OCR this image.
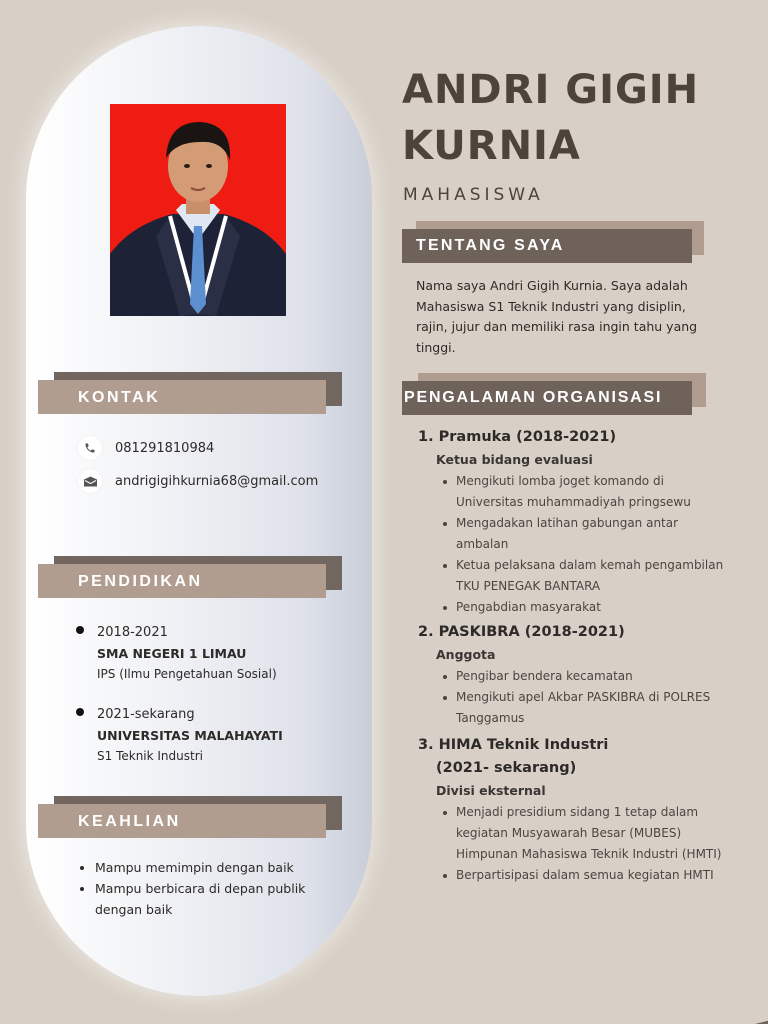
KONTAK
081291810984
andrigigihkurnia68@gmail.com
PENDIDIKAN
2018-2021
SMA NEGERI 1 LIMAU
IPS (Ilmu Pengetahuan Sosial)
2021-sekarang
UNIVERSITAS MALAHAYATI
S1 Teknik Industri
KEAHLIAN
Mampu memimpin dengan baik
Mampu berbicara di depan publik dengan baik
ANDRI GIGIH KURNIA
MAHASISWA
TENTANG SAYA
Nama saya Andri Gigih Kurnia. Saya adalah Mahasiswa S1 Teknik Industri yang disiplin, rajin, jujur dan memiliki rasa ingin tahu yang tinggi.
PENGALAMAN ORGANISASI
1. Pramuka (2018-2021)
Ketua bidang evaluasi
Mengikuti lomba joget komando di Universitas muhammadiyah pringsewu
Mengadakan latihan gabungan antar ambalan
Ketua pelaksana dalam kemah pengambilan TKU PENEGAK BANTARA
Pengabdian masyarakat
2. PASKIBRA (2018-2021)
Anggota
Pengibar bendera kecamatan
Mengikuti apel Akbar PASKIBRA di POLRES Tanggamus
3. HIMA Teknik Industri
(2021- sekarang)
Divisi eksternal
Menjadi presidium sidang 1 tetap dalam kegiatan Musyawarah Besar (MUBES) Himpunan Mahasiswa Teknik Industri (HMTI)
Berpartisipasi dalam semua kegiatan HMTI
